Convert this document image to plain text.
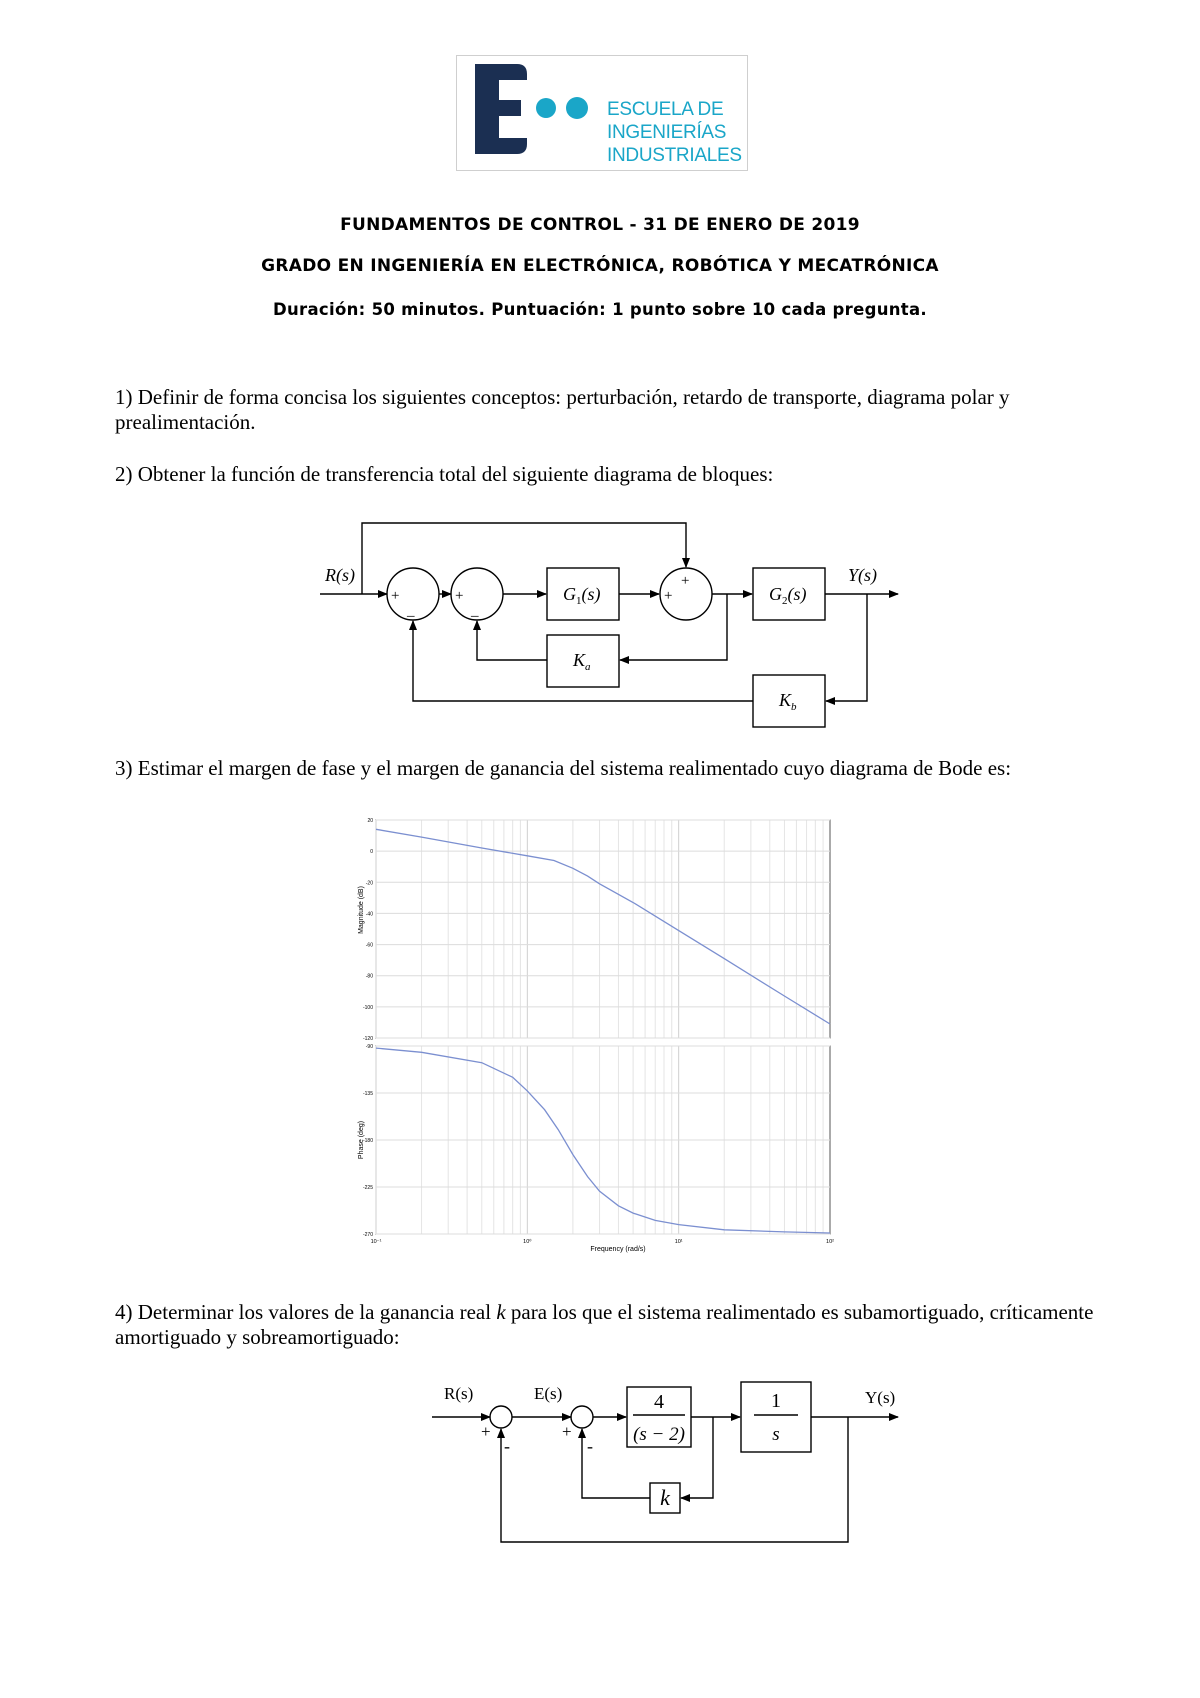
ESCUELA DE
INGENIERÍAS
INDUSTRIALES
FUNDAMENTOS DE CONTROL - 31 DE ENERO DE 2019
GRADO EN INGENIERÍA EN ELECTRÓNICA, ROBÓTICA Y MECATRÓNICA
Duración: 50 minutos. Puntuación: 1 punto sobre 10 cada pregunta.
1) Definir de forma concisa los siguientes conceptos: perturbación, retardo de transporte, diagrama polar y prealimentación.
2) Obtener la función de transferencia total del siguiente diagrama de bloques:
R(s)	Y(s)
$G_1(s)$	$G_2(s)$
$K_a$
$K_b$
+
_
+
_
+
+
3) Estimar el margen de fase y el margen de ganancia del sistema realimentado cuyo diagrama de Bode es:
20
0
-20
-40
-60
-80
-100
-120
-90
-135
-180
-225
-270
10⁻¹	10⁰	10¹	10²
Magnitude (dB)
Phase (deg)
Frequency (rad/s)
4) Determinar los valores de la ganancia real k para los que el sistema realimentado es subamortiguado, críticamente amortiguado y sobreamortiguado:
R(s)	E(s)	Y(s)
4
(s − 2)
1
s
k
+
-
+
-
